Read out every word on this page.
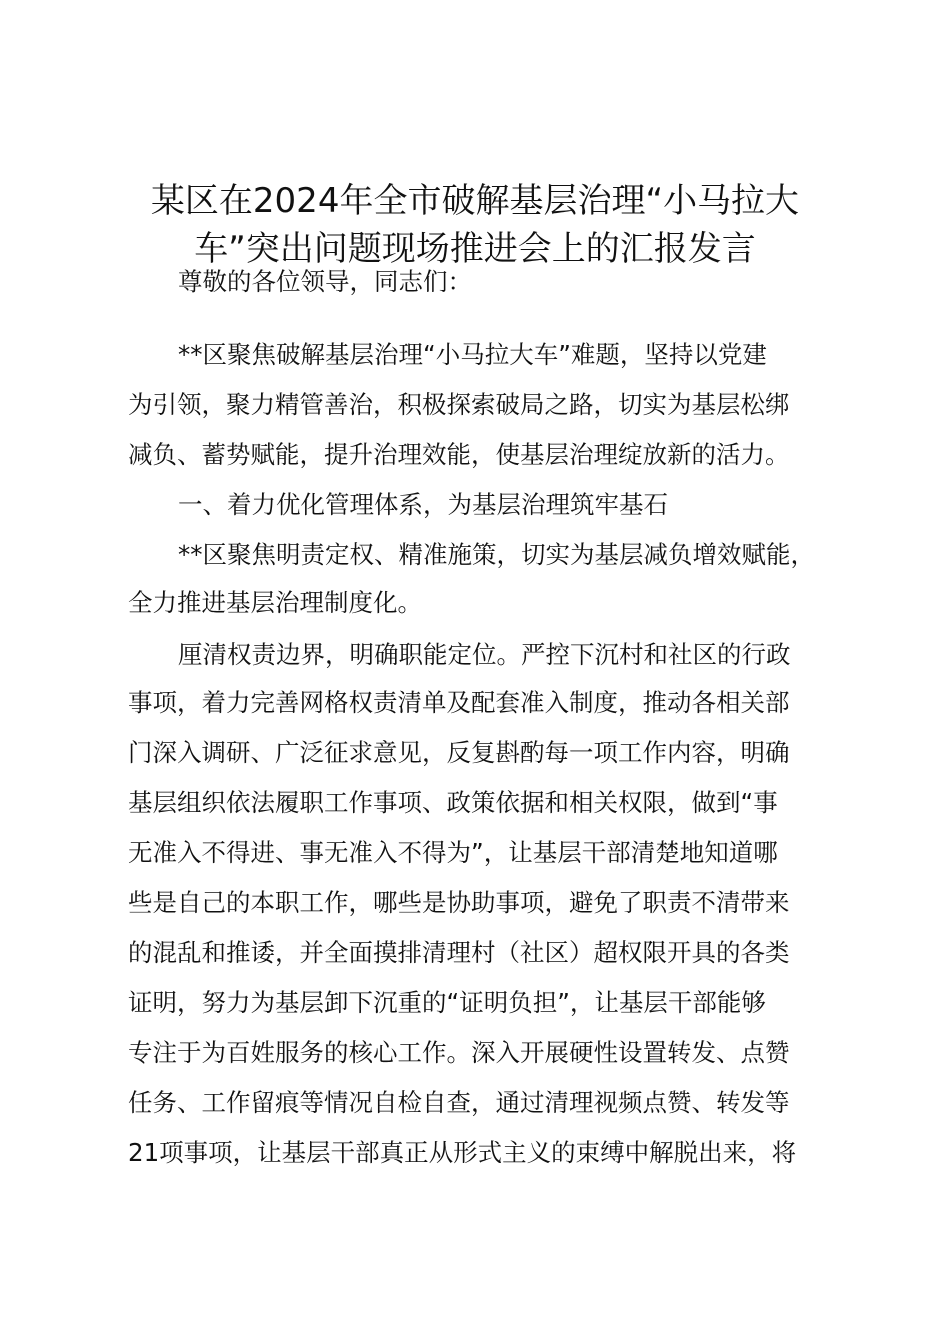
某区在2024年全市破解基层治理“小马拉大
车”突出问题现场推进会上的汇报发言
尊敬的各位领导，同志们：
**区聚焦破解基层治理“小马拉大车”难题，坚持以党建
为引领，聚力精管善治，积极探索破局之路，切实为基层松绑
减负、蓄势赋能，提升治理效能，使基层治理绽放新的活力。
一、着力优化管理体系，为基层治理筑牢基石
**区聚焦明责定权、精准施策，切实为基层减负增效赋能，
全力推进基层治理制度化。
厘清权责边界，明确职能定位。严控下沉村和社区的行政
事项，着力完善网格权责清单及配套准入制度，推动各相关部
门深入调研、广泛征求意见，反复斟酌每一项工作内容，明确
基层组织依法履职工作事项、政策依据和相关权限，做到“事
无准入不得进、事无准入不得为”，让基层干部清楚地知道哪
些是自己的本职工作，哪些是协助事项，避免了职责不清带来
的混乱和推诿，并全面摸排清理村（社区）超权限开具的各类
证明，努力为基层卸下沉重的“证明负担”，让基层干部能够
专注于为百姓服务的核心工作。深入开展硬性设置转发、点赞
任务、工作留痕等情况自检自查，通过清理视频点赞、转发等
21项事项，让基层干部真正从形式主义的束缚中解脱出来，将
